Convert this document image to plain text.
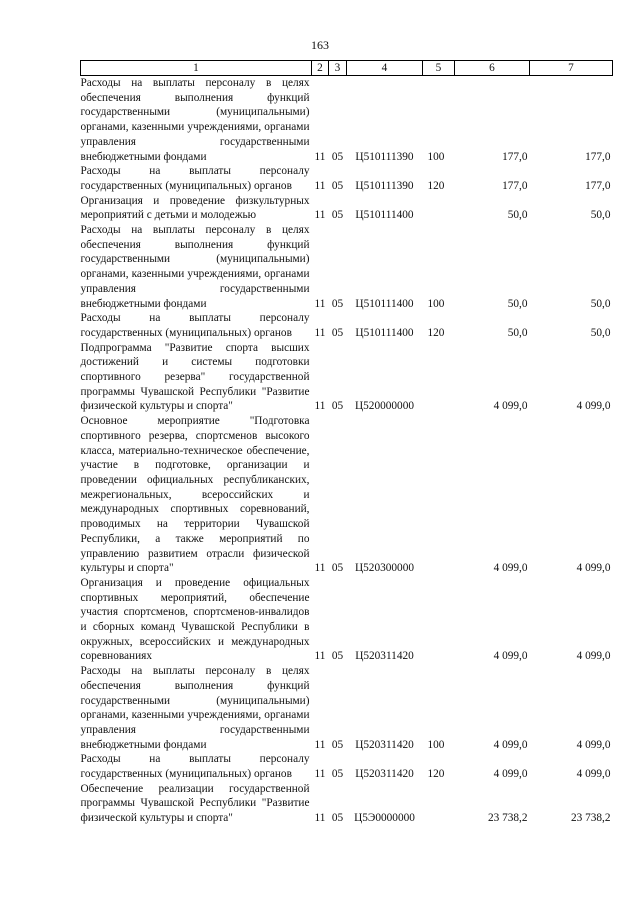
163
1	2	3	4	5	6	7

Расходы на выплаты персоналу в целях обеспечения выполнения функций государственными (муниципальными) органами, казенными учреждениями, органами управления государственными внебюджетными фондами	11	05	Ц510111390	100	177,0	177,0

Расходы на выплаты персоналу государственных (муниципальных) органов	11	05	Ц510111390	120	177,0	177,0

Организация и проведение физкультурных мероприятий с детьми и молодежью	11	05	Ц510111400		50,0	50,0

Расходы на выплаты персоналу в целях обеспечения выполнения функций государственными (муниципальными) органами, казенными учреждениями, органами управления государственными внебюджетными фондами	11	05	Ц510111400	100	50,0	50,0

Расходы на выплаты персоналу государственных (муниципальных) органов	11	05	Ц510111400	120	50,0	50,0

Подпрограмма "Развитие спорта высших достижений и системы подготовки спортивного резерва" государственной программы Чувашской Республики "Развитие физической культуры и спорта"	11	05	Ц520000000		4 099,0	4 099,0

Основное мероприятие "Подготовка спортивного резерва, спортсменов высокого класса, материально-техническое обеспечение, участие в подготовке, организации и проведении официальных республиканских, межрегиональных, всероссийских и международных спортивных соревнований, проводимых на территории Чувашской Республики, а также мероприятий по управлению развитием отрасли физической культуры и спорта"	11	05	Ц520300000		4 099,0	4 099,0

Организация и проведение официальных спортивных мероприятий, обеспечение участия спортсменов, спортсменов-инвалидов и сборных команд Чувашской Республики в окружных, всероссийских и международных соревнованиях	11	05	Ц520311420		4 099,0	4 099,0

Расходы на выплаты персоналу в целях обеспечения выполнения функций государственными (муниципальными) органами, казенными учреждениями, органами управления государственными внебюджетными фондами	11	05	Ц520311420	100	4 099,0	4 099,0

Расходы на выплаты персоналу государственных (муниципальных) органов	11	05	Ц520311420	120	4 099,0	4 099,0

Обеспечение реализации государственной программы Чувашской Республики "Развитие физической культуры и спорта"	11	05	Ц5Э0000000		23 738,2	23 738,2
